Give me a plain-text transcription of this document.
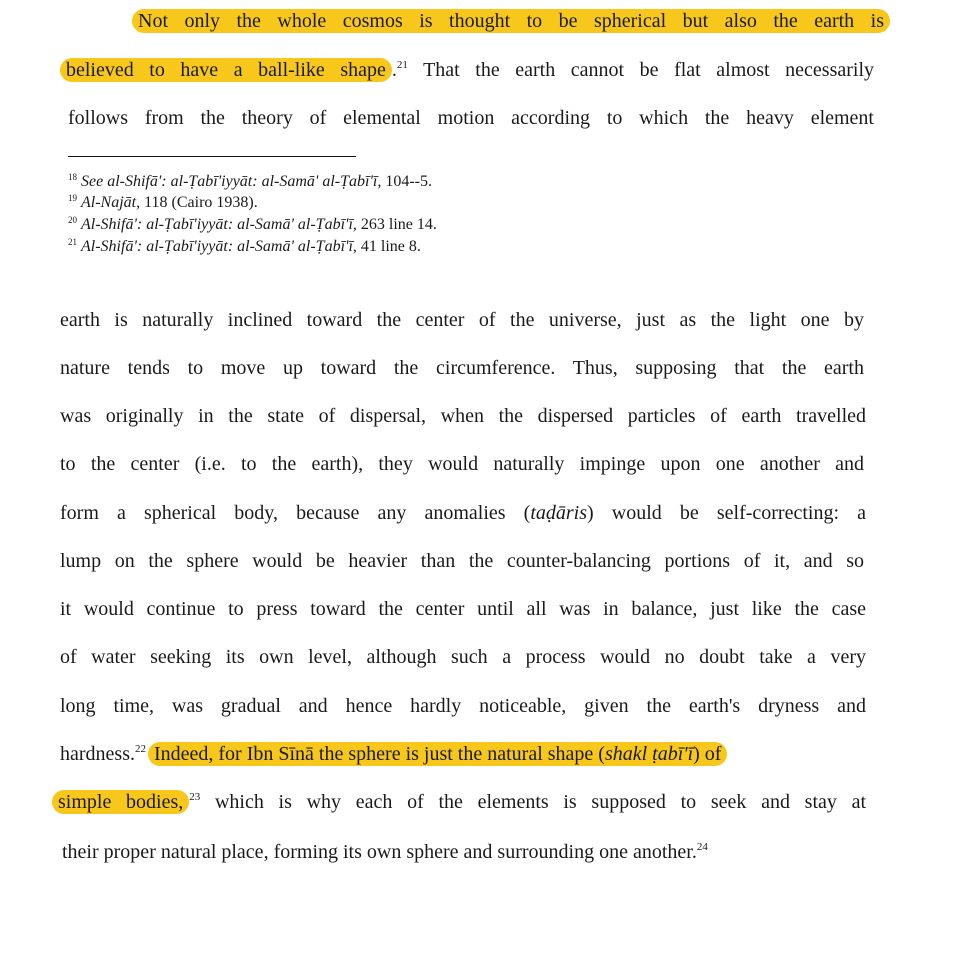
Not only the whole cosmos is thought to be spherical but also the earth is
believed to have a ball-like shape .$^{21}$ That the earth cannot be flat almost necessarily
follows from the theory of elemental motion according to which the heavy element
$^{18}$ See al-Shifā': al-Ṭabī'iyyāt: al-Samā' al-Ṭabī'ī, 104--5.
$^{19}$ Al-Najāt, 118 (Cairo 1938).
$^{20}$ Al-Shifā': al-Ṭabī'iyyāt: al-Samā' al-Ṭabī'ī, 263 line 14.
$^{21}$ Al-Shifā': al-Ṭabī'iyyāt: al-Samā' al-Ṭabī'ī, 41 line 8.
earth is naturally inclined toward the center of the universe, just as the light one by
nature tends to move up toward the circumference. Thus, supposing that the earth
was originally in the state of dispersal, when the dispersed particles of earth travelled
to the center (i.e. to the earth), they would naturally impinge upon one another and
form a spherical body, because any anomalies (taḍāris) would be self-correcting: a
lump on the sphere would be heavier than the counter-balancing portions of it, and so
it would continue to press toward the center until all was in balance, just like the case
of water seeking its own level, although such a process would no doubt take a very
long time, was gradual and hence hardly noticeable, given the earth's dryness and
hardness.$^{22}$ Indeed, for Ibn Sīnā the sphere is just the natural shape (shakl ṭabī'ī) of
simple bodies, $^{23}$ which is why each of the elements is supposed to seek and stay at
their proper natural place, forming its own sphere and surrounding one another.$^{24}$
